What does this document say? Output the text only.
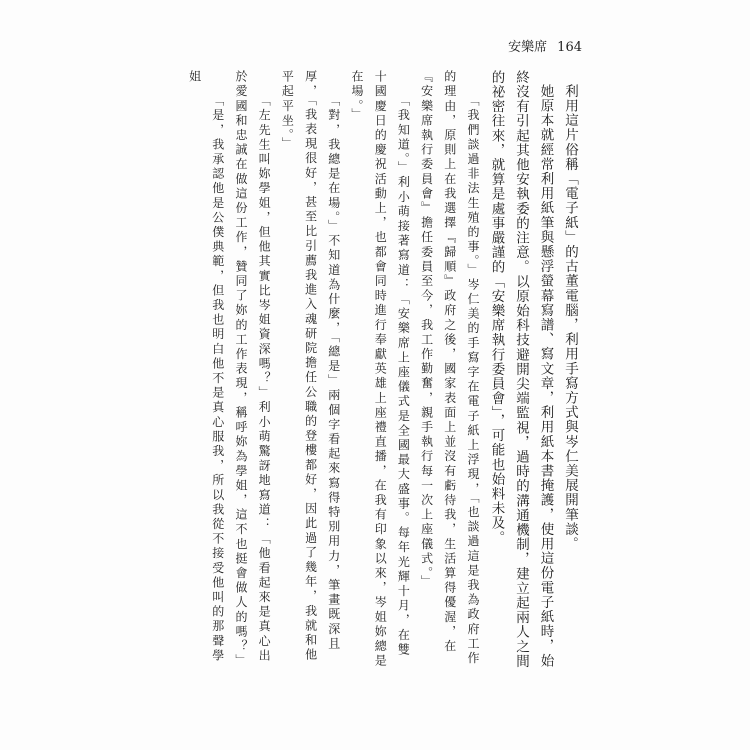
安樂席 164

利用這片俗稱「電子紙」的古董電腦，利用手寫方式與岑仁美展開筆談。

她原本就經常利用紙筆與懸浮螢幕寫譜、寫文章，利用紙本書掩護，使用這份電子紙時，始終沒有引起其他安執委的注意。以原始科技避開尖端監視，過時的溝通機制，建立起兩人之間的祕密往來，就算是處事嚴謹的「安樂席執行委員會」，可能也始料未及。

「我們談過非法生殖的事。」岑仁美的手寫字在電子紙上浮現，「也談過這是我為政府工作的理由，原則上在我選擇『歸順』政府之後，國家表面上並沒有虧待我，生活算得優渥，在『安樂席執行委員會』擔任委員至今，我工作勤奮，親手執行每一次上座儀式。」

「我知道。」利小萌接著寫道：「安樂席上座儀式是全國最大盛事。每年光輝十月，在雙十國慶日的慶祝活動上，也都會同時進行奉獻英雄上座禮直播，在我有印象以來，岑姐妳總是在場。」

「對，我總是在場。」不知道為什麼，「總是」兩個字看起來寫得特別用力，筆畫既深且厚，「我表現很好，甚至比引薦我進入魂研院擔任公職的登樓都好，因此過了幾年，我就和他平起平坐。」

「左先生叫妳學姐，但他其實比岑姐資深嗎？」利小萌驚訝地寫道：「他看起來是真心出於愛國和忠誠在做這份工作，贊同了妳的工作表現，稱呼妳為學姐，這不也挺會做人的嗎？」

「是，我承認他是公僕典範，但我也明白他不是真心服我，所以我從不接受他叫的那聲學姐
